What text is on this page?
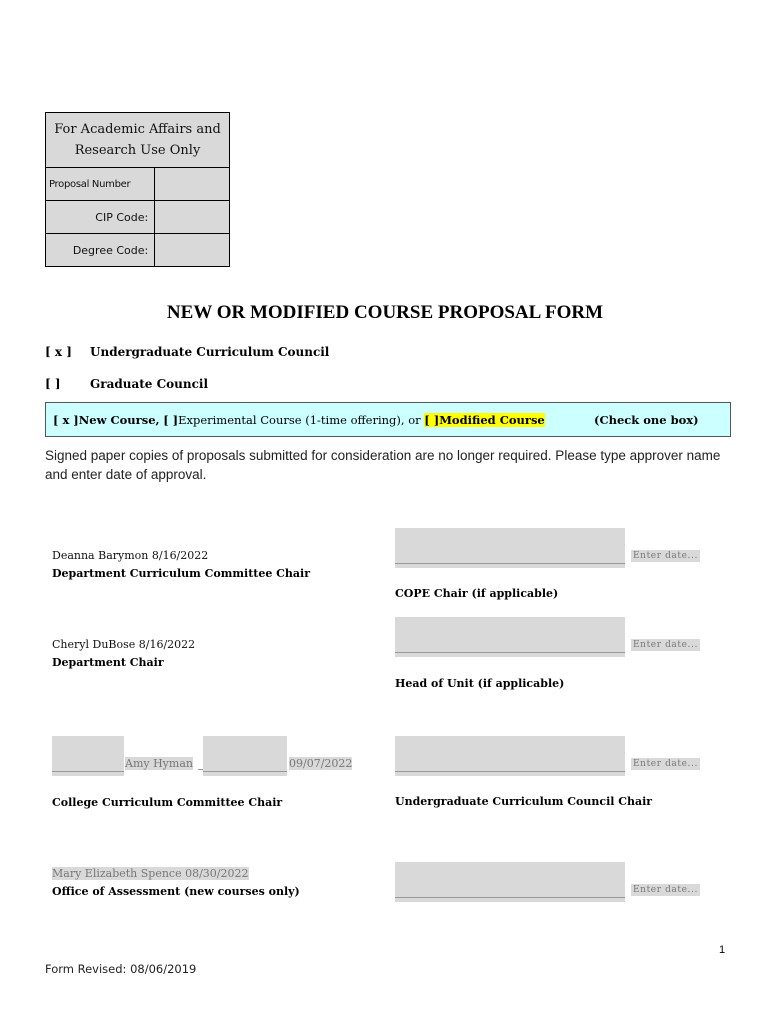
For Academic Affairs and Research Use Only	
Proposal Number	
CIP Code:	
Degree Code:	
NEW OR MODIFIED COURSE PROPOSAL FORM
[ x ] Undergraduate Curriculum Council
[ ] Graduate Council
[ x ]New Course, [ ]Experimental Course (1-time offering), or [ ]Modified Course	(Check one box)
Signed paper copies of proposals submitted for consideration are no longer required. Please type approver name and enter date of approval.
Deanna Barymon 8/16/2022
Department Curriculum Committee Chair
Enter date...
COPE Chair (if applicable)
Cheryl DuBose 8/16/2022
Department Chair
Enter date...
Head of Unit (if applicable)
Amy Hyman _	09/07/2022
College Curriculum Committee Chair
Enter date...
Undergraduate Curriculum Council Chair
Mary Elizabeth Spence 08/30/2022
Office of Assessment (new courses only)	Enter date...
1
Form Revised: 08/06/2019
